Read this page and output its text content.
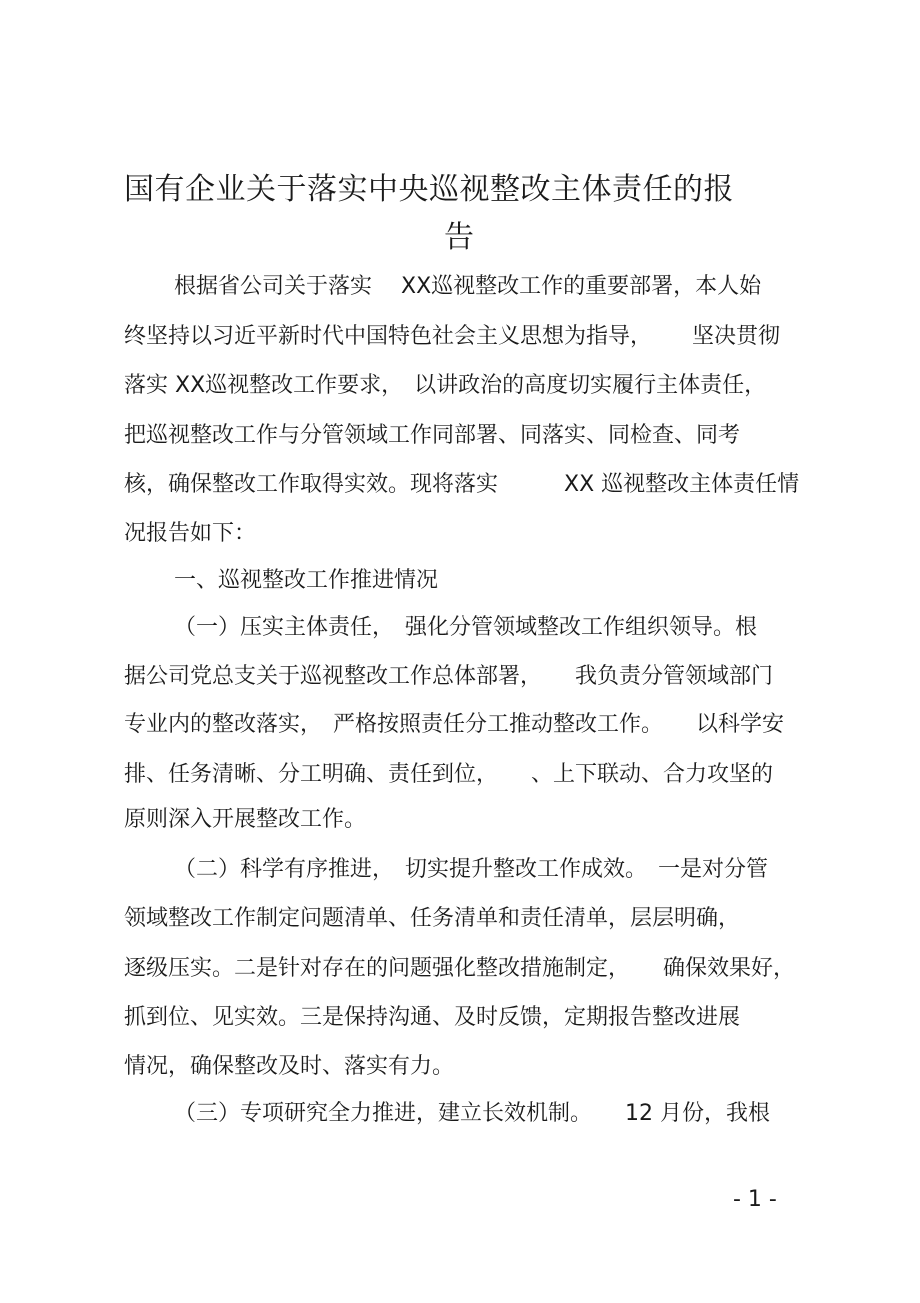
国有企业关于落实中央巡视整改主体责任的报
告
根据省公司关于落实　 XX巡视整改工作的重要部署，本人始
终坚持以习近平新时代中国特色社会主义思想为指导，　 　坚决贯彻
落实 XX巡视整改工作要求，　以讲政治的高度切实履行主体责任，
把巡视整改工作与分管领域工作同部署、同落实、同检查、同考
核，确保整改工作取得实效。现将落实　　　XX 巡视整改主体责任情
况报告如下：
一、巡视整改工作推进情况
（一）压实主体责任，　强化分管领域整改工作组织领导。根
据公司党总支关于巡视整改工作总体部署，　　我负责分管领域部门
专业内的整改落实，　严格按照责任分工推动整改工作。　　以科学安
排、任务清晰、分工明确、责任到位，　　、上下联动、合力攻坚的
原则深入开展整改工作。
（二）科学有序推进，　切实提升整改工作成效。　一是对分管
领域整改工作制定问题清单、任务清单和责任清单，层层明确，
逐级压实。二是针对存在的问题强化整改措施制定，　　确保效果好，
抓到位、见实效。三是保持沟通、及时反馈，定期报告整改进展
情况，确保整改及时、落实有力。
（三）专项研究全力推进，建立长效机制。　　12 月份，我根
- 1 -
